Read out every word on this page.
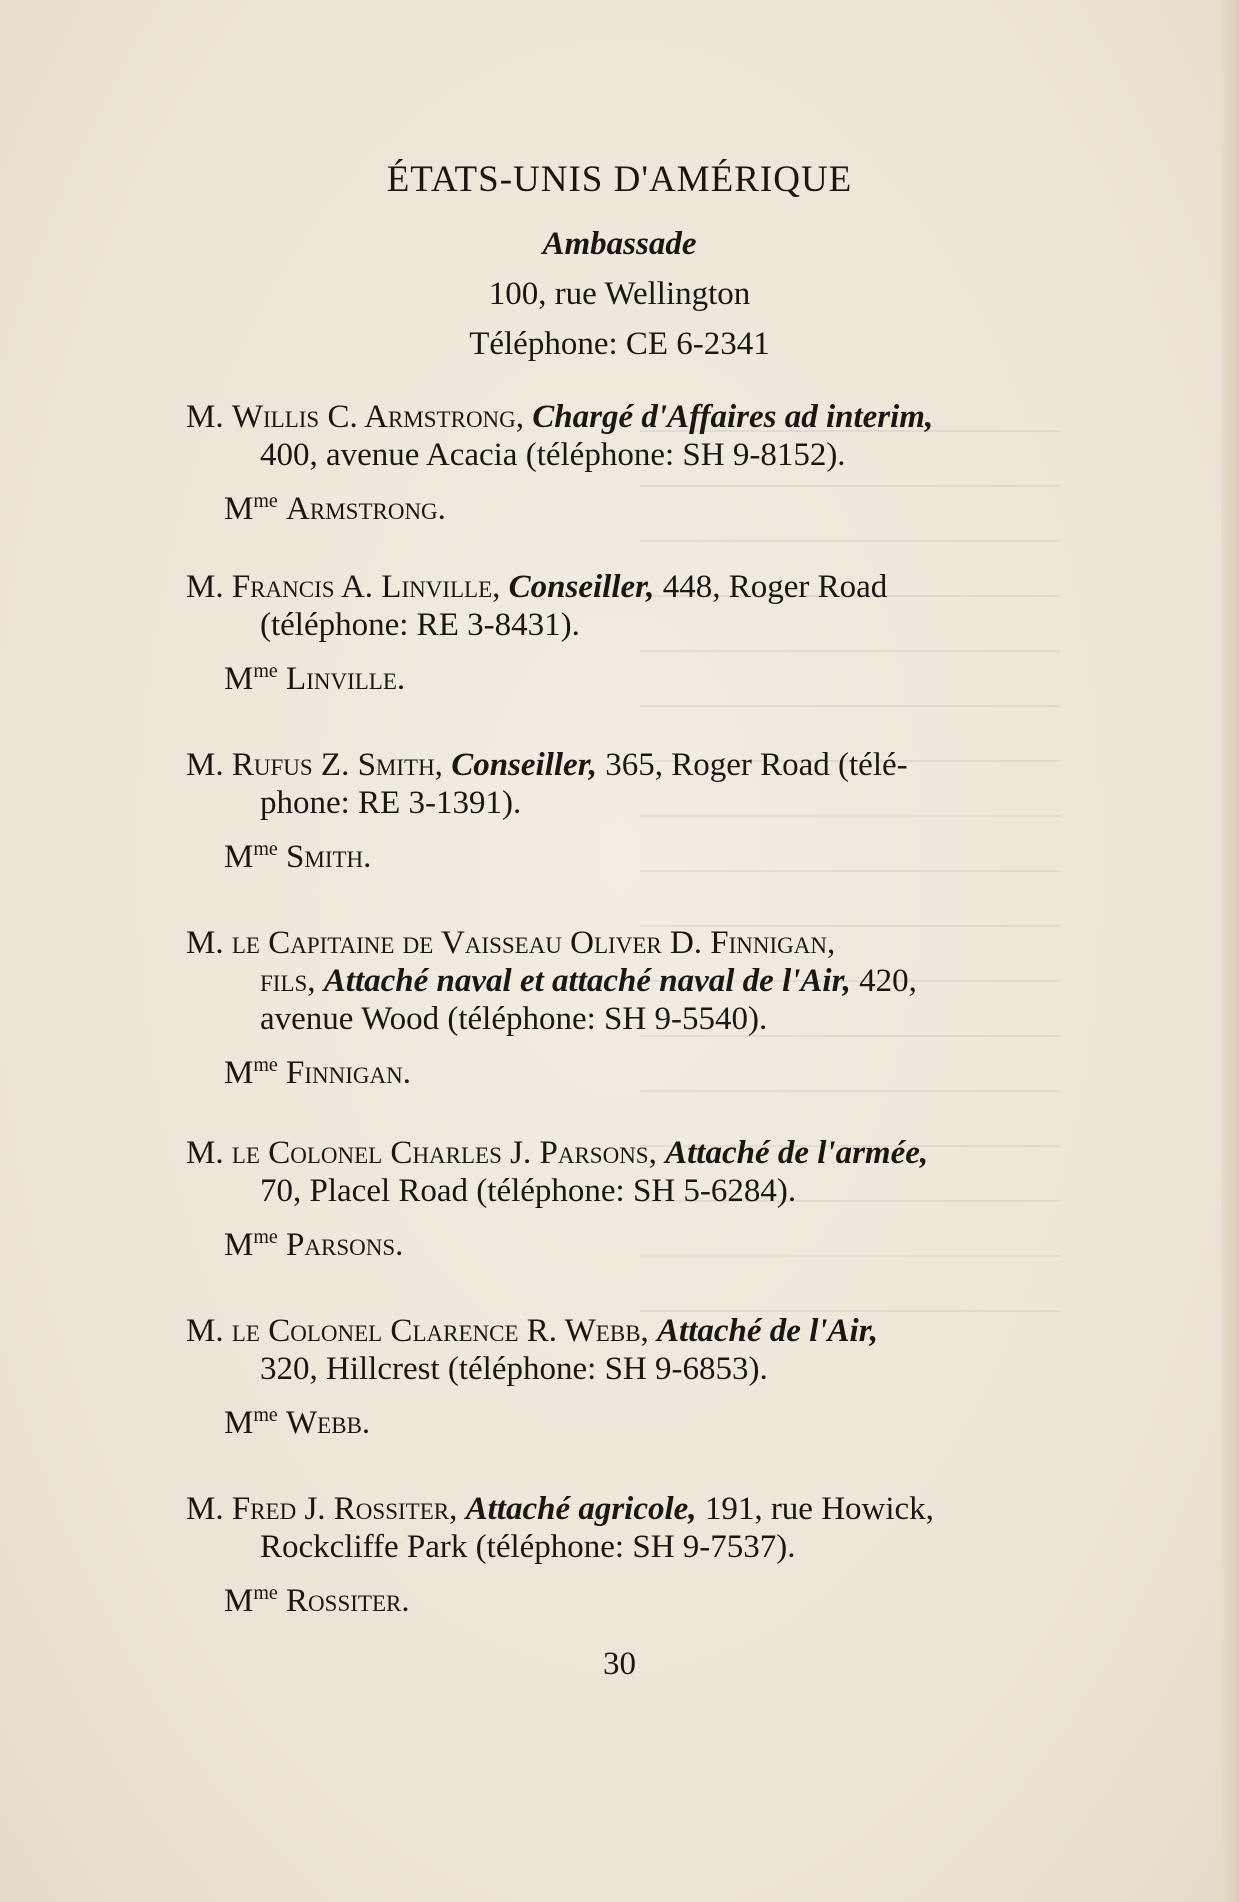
ÉTATS-UNIS D'AMÉRIQUE
Ambassade
100, rue Wellington
Téléphone: CE 6-2341
M. Willis C. Armstrong, Chargé d'Affaires ad interim,
400, avenue Acacia (téléphone: SH 9-8152).
$M^{me}$ Armstrong.
M. Francis A. Linville, Conseiller, 448, Roger Road
(téléphone: RE 3-8431).
$M^{me}$ Linville.
M. Rufus Z. Smith, Conseiller, 365, Roger Road (télé-
phone: RE 3-1391).
$M^{me}$ Smith.
M. le Capitaine de Vaisseau Oliver D. Finnigan,
fils, Attaché naval et attaché naval de l'Air, 420,
avenue Wood (téléphone: SH 9-5540).
$M^{me}$ Finnigan.
M. le Colonel Charles J. Parsons, Attaché de l'armée,
70, Placel Road (téléphone: SH 5-6284).
$M^{me}$ Parsons.
M. le Colonel Clarence R. Webb, Attaché de l'Air,
320, Hillcrest (téléphone: SH 9-6853).
$M^{me}$ Webb.
M. Fred J. Rossiter, Attaché agricole, 191, rue Howick,
Rockcliffe Park (téléphone: SH 9-7537).
$M^{me}$ Rossiter.
30
